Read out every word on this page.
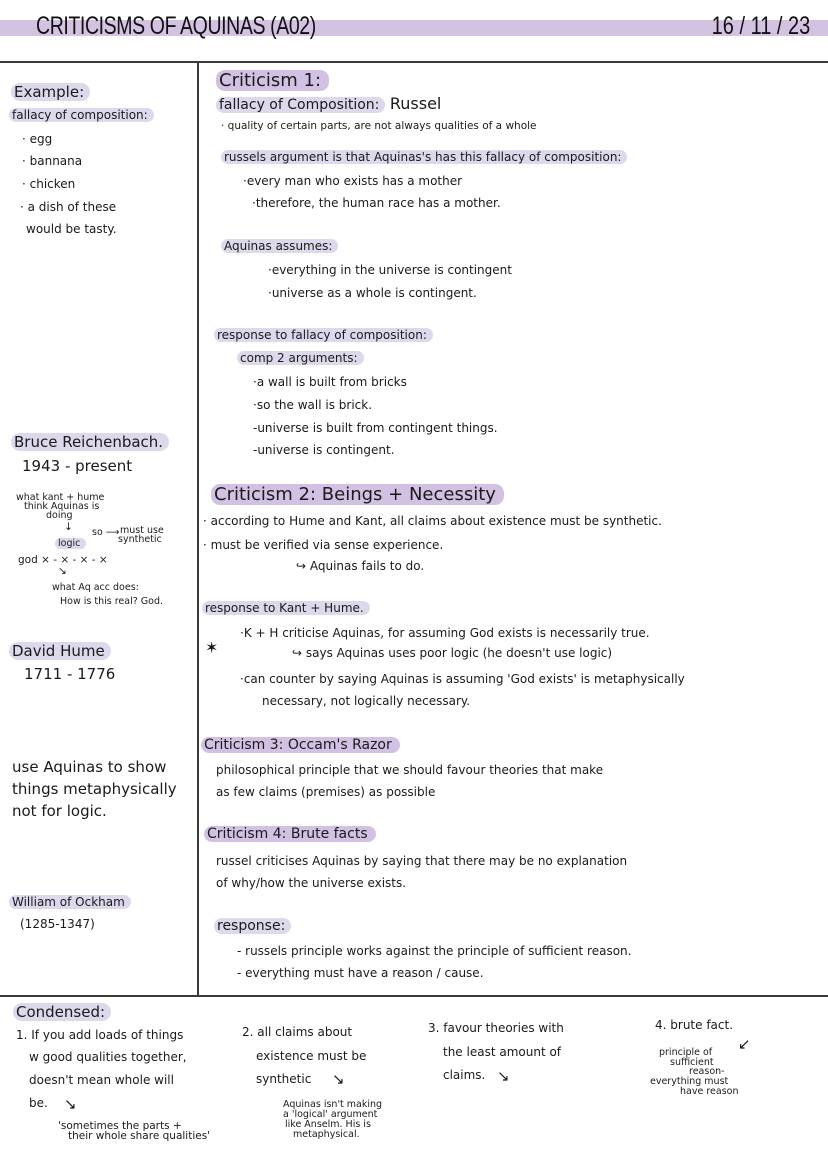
CRITICISMS OF AQUINAS (A02)	16 / 11 / 23
Example:
fallacy of composition:
· egg
· bannana
· chicken
· a dish of these
would be tasty.
Bruce Reichenbach.
1943 - present
what kant + hume
think Aquinas is
doing
↓
logic
so ⟶ must use
synthetic
god × - × - × - ×
↘
what Aq acc does:
How is this real? God.
David Hume
1711 - 1776
use Aquinas to show
things metaphysically
not for logic.
William of Ockham
(1285-1347)
Criticism 1:
fallacy of Composition: Russel
· quality of certain parts, are not always qualities of a whole
russels argument is that Aquinas's has this fallacy of composition:
·every man who exists has a mother
·therefore, the human race has a mother.
Aquinas assumes:
·everything in the universe is contingent
·universe as a whole is contingent.
response to fallacy of composition:
comp 2 arguments:
·a wall is built from bricks
·so the wall is brick.
-universe is built from contingent things.
-universe is contingent.
Criticism 2: Beings + Necessity
· according to Hume and Kant, all claims about existence must be synthetic.
· must be verified via sense experience.
↪ Aquinas fails to do.
response to Kant + Hume.
✶
·K + H criticise Aquinas, for assuming God exists is necessarily true.
↪ says Aquinas uses poor logic (he doesn't use logic)
·can counter by saying Aquinas is assuming 'God exists' is metaphysically
necessary, not logically necessary.
Criticism 3: Occam's Razor
philosophical principle that we should favour theories that make
as few claims (premises) as possible
Criticism 4: Brute facts
russel criticises Aquinas by saying that there may be no explanation
of why/how the universe exists.
response:
- russels principle works against the principle of sufficient reason.
- everything must have a reason / cause.
Condensed:
1. If you add loads of things
w good qualities together,
doesn't mean whole will
be. ↘
'sometimes the parts +
their whole share qualities'
2. all claims about
existence must be
synthetic ↘
Aquinas isn't making
a 'logical' argument
like Anselm. His is
metaphysical.
3. favour theories with
the least amount of
claims. ↘
4. brute fact.
↙
principle of
sufficient
reason-
everything must
have reason
